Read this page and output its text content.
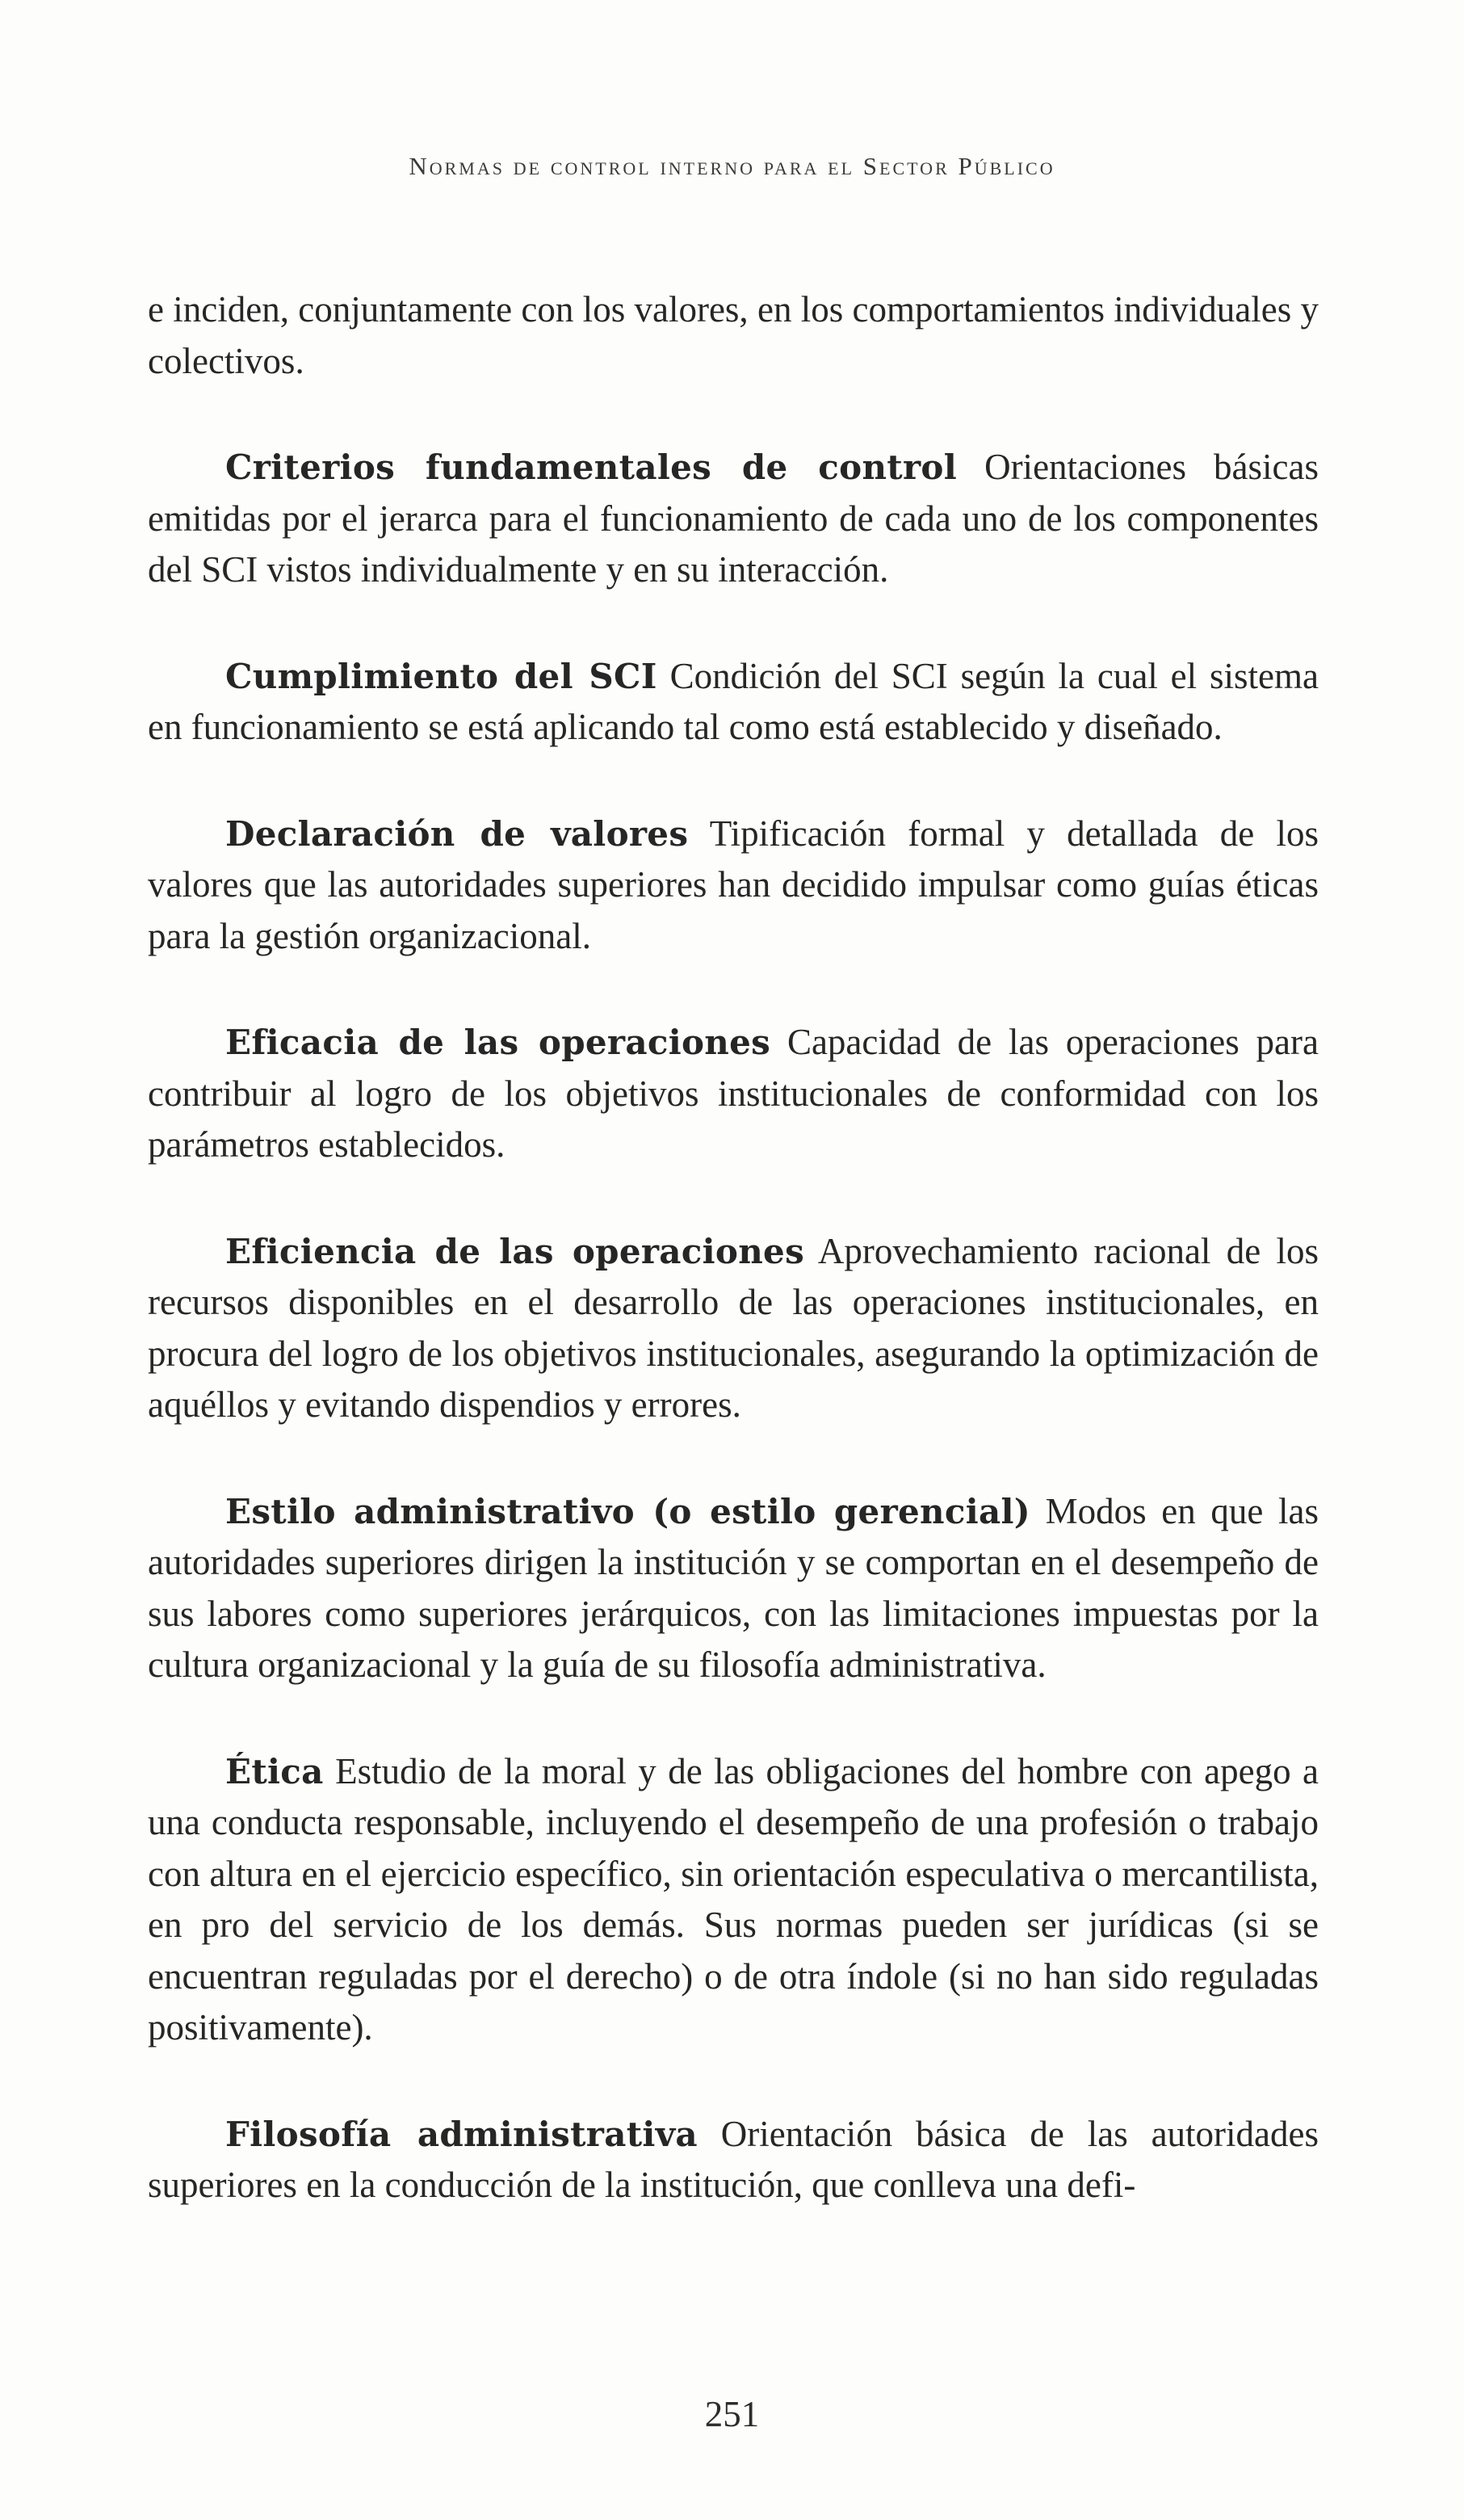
Normas de control interno para el Sector Público

e inciden, conjuntamente con los valores, en los comportamientos individuales y colectivos.

Criterios fundamentales de control Orientaciones básicas emitidas por el jerarca para el funcionamiento de cada uno de los componentes del SCI vistos individualmente y en su interacción.

Cumplimiento del SCI Condición del SCI según la cual el sistema en funcionamiento se está aplicando tal como está establecido y diseñado.

Declaración de valores Tipificación formal y detallada de los valores que las autoridades superiores han decidido impulsar como guías éticas para la gestión organizacional.

Eficacia de las operaciones Capacidad de las operaciones para contribuir al logro de los objetivos institucionales de conformidad con los parámetros establecidos.

Eficiencia de las operaciones Aprovechamiento racional de los recursos disponibles en el desarrollo de las operaciones institucionales, en procura del logro de los objetivos institucionales, asegurando la optimización de aquéllos y evitando dispendios y errores.

Estilo administrativo (o estilo gerencial) Modos en que las autoridades superiores dirigen la institución y se comportan en el desempeño de sus labores como superiores jerárquicos, con las limitaciones impuestas por la cultura organizacional y la guía de su filosofía administrativa.

Ética Estudio de la moral y de las obligaciones del hombre con apego a una conducta responsable, incluyendo el desempeño de una profesión o trabajo con altura en el ejercicio específico, sin orientación especulativa o mercantilista, en pro del servicio de los demás. Sus normas pueden ser jurídicas (si se encuentran reguladas por el derecho) o de otra índole (si no han sido reguladas positivamente).

Filosofía administrativa Orientación básica de las autoridades superiores en la conducción de la institución, que conlleva una defi-

251
